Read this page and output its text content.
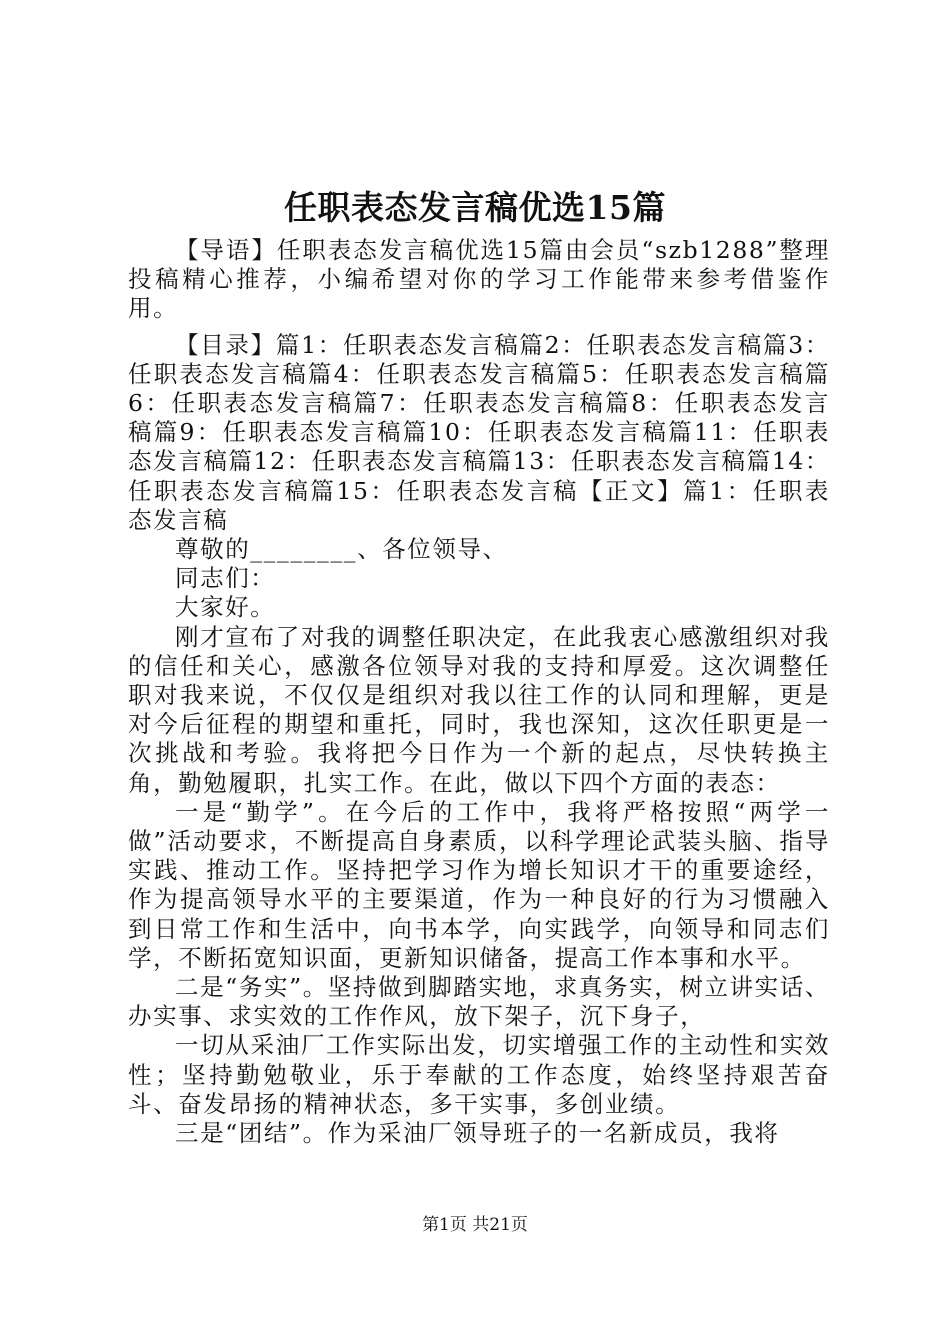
任职表态发言稿优选15篇

【导语】任职表态发言稿优选15篇由会员“szb1288”整理投稿精心推荐，小编希望对你的学习工作能带来参考借鉴作用。

【目录】篇1：任职表态发言稿篇2：任职表态发言稿篇3：任职表态发言稿篇4：任职表态发言稿篇5：任职表态发言稿篇6：任职表态发言稿篇7：任职表态发言稿篇8：任职表态发言稿篇9：任职表态发言稿篇10：任职表态发言稿篇11：任职表态发言稿篇12：任职表态发言稿篇13：任职表态发言稿篇14：任职表态发言稿篇15：任职表态发言稿【正文】篇1：任职表态发言稿

尊敬的________、各位领导、

同志们：

大家好。

刚才宣布了对我的调整任职决定，在此我衷心感激组织对我的信任和关心，感激各位领导对我的支持和厚爱。这次调整任职对我来说，不仅仅是组织对我以往工作的认同和理解，更是对今后征程的期望和重托，同时，我也深知，这次任职更是一次挑战和考验。我将把今日作为一个新的起点，尽快转换主角，勤勉履职，扎实工作。在此，做以下四个方面的表态：

一是“勤学”。在今后的工作中，我将严格按照“两学一做”活动要求，不断提高自身素质，以科学理论武装头脑、指导实践、推动工作。坚持把学习作为增长知识才干的重要途经，作为提高领导水平的主要渠道，作为一种良好的行为习惯融入到日常工作和生活中，向书本学，向实践学，向领导和同志们学，不断拓宽知识面，更新知识储备，提高工作本事和水平。

二是“务实”。坚持做到脚踏实地，求真务实，树立讲实话、办实事、求实效的工作作风，放下架子，沉下身子，

一切从采油厂工作实际出发，切实增强工作的主动性和实效性；坚持勤勉敬业，乐于奉献的工作态度，始终坚持艰苦奋斗、奋发昂扬的精神状态，多干实事，多创业绩。

三是“团结”。作为采油厂领导班子的一名新成员，我将

第1页 共21页
